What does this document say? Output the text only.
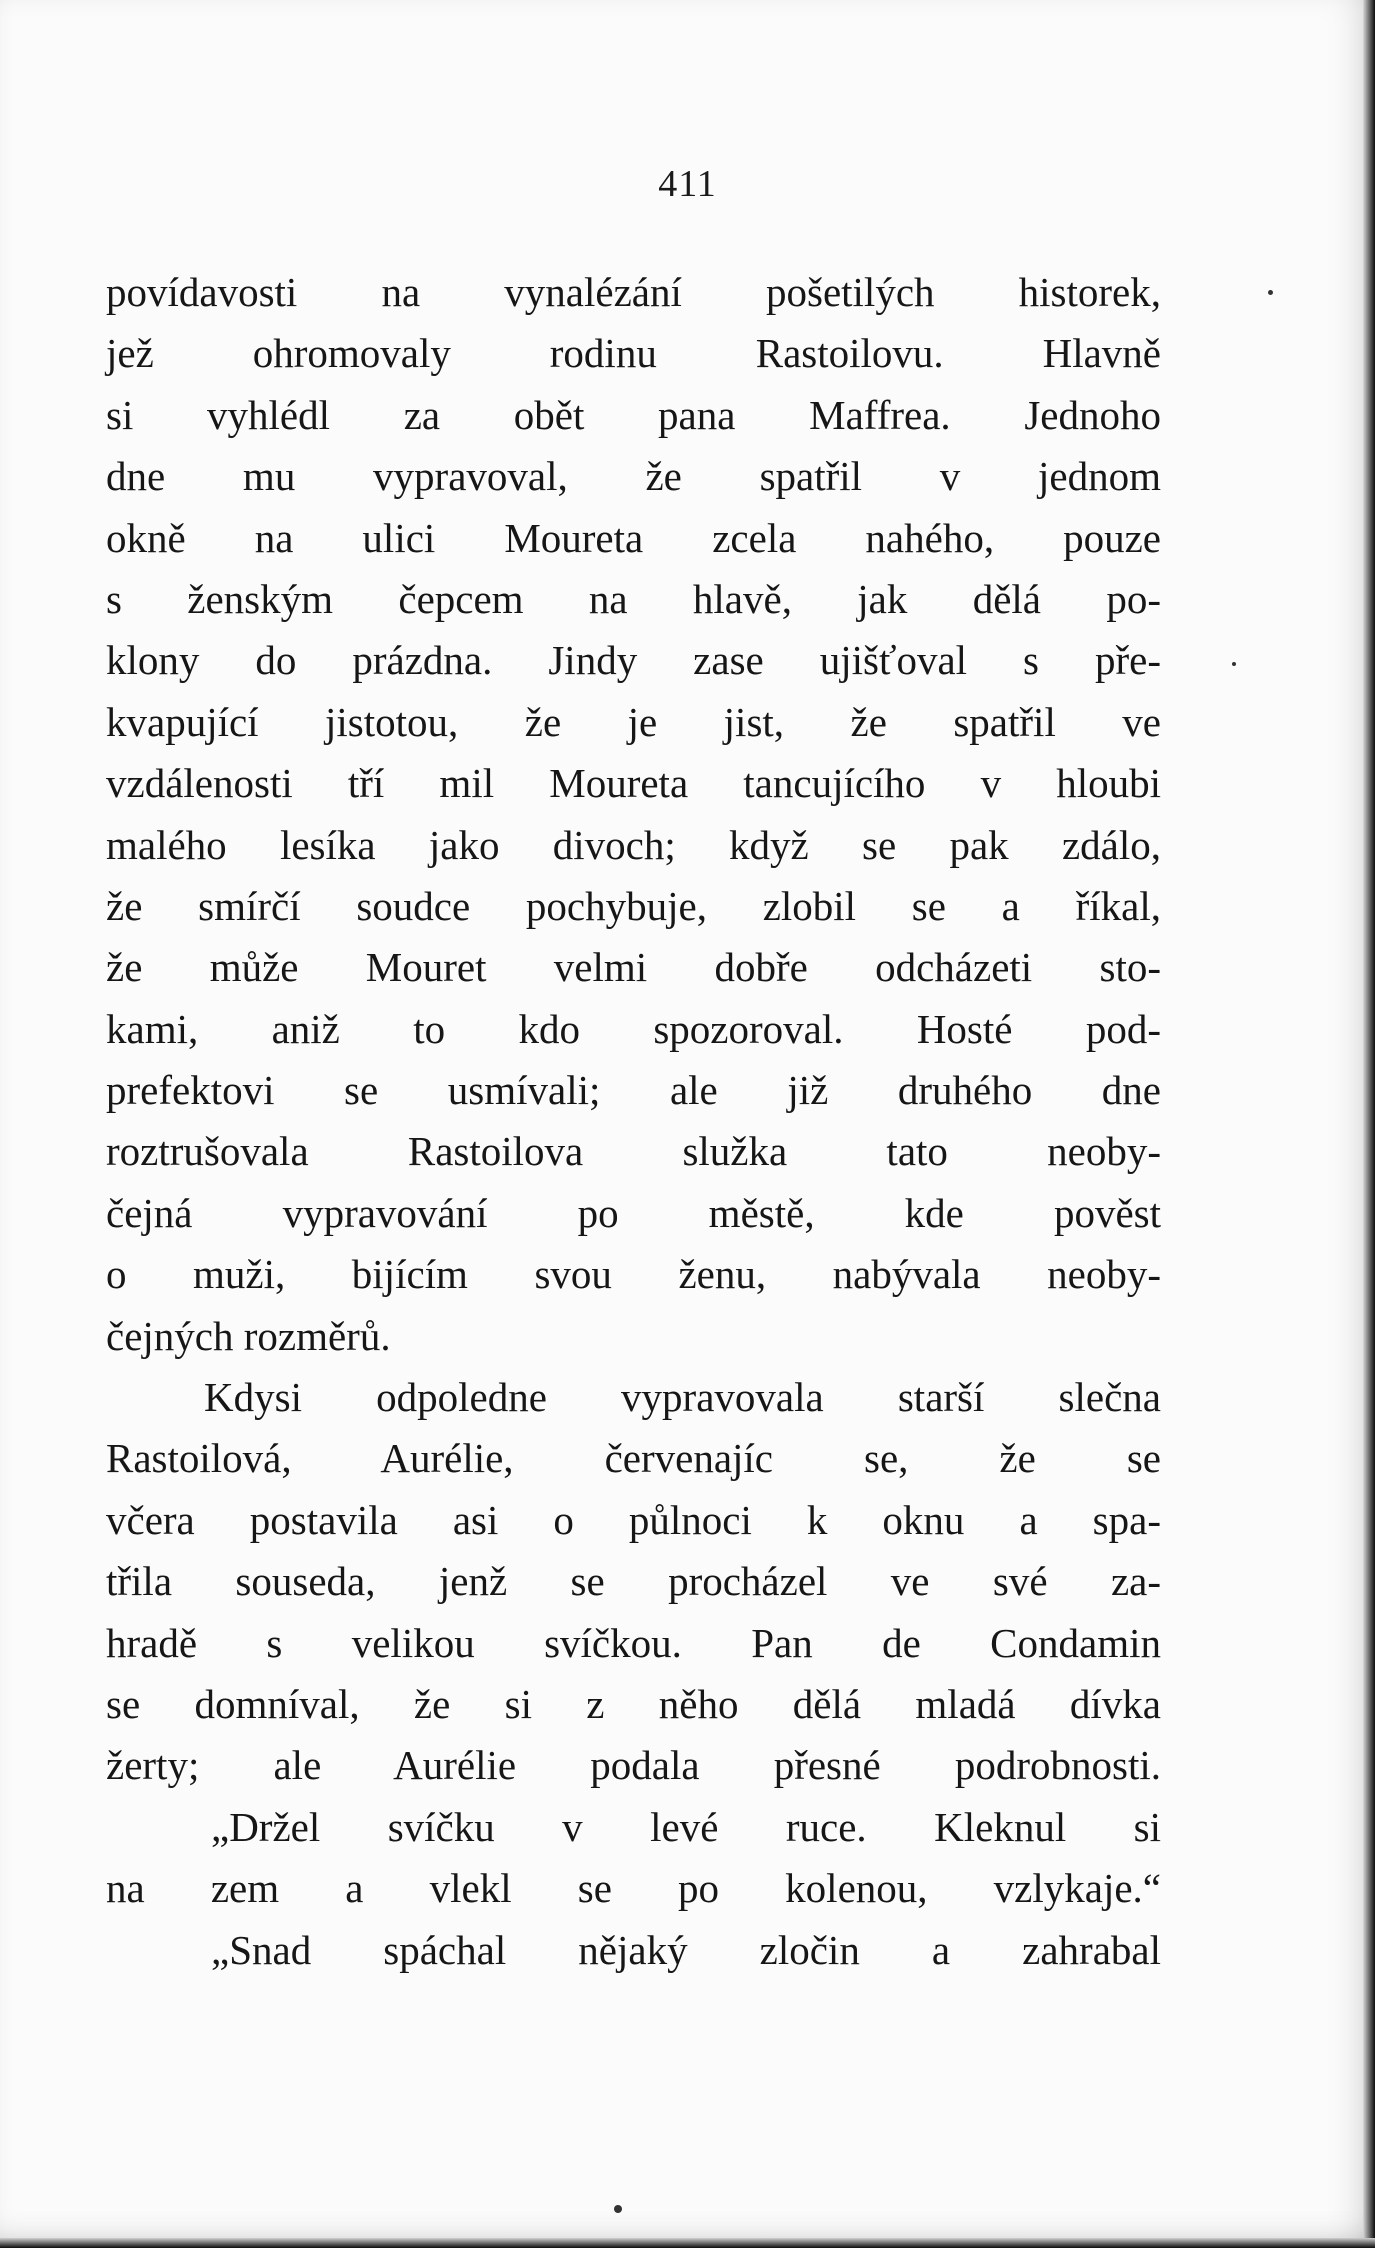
411
povídavosti na vynalézání pošetilých historek,
jež ohromovaly rodinu Rastoilovu. Hlavně
si vyhlédl za obět pana Maffrea. Jednoho
dne mu vypravoval, že spatřil v jednom
okně na ulici Moureta zcela nahého, pouze
s ženským čepcem na hlavě, jak dělá po-
klony do prázdna. Jindy zase ujišťoval s pře-
kvapující jistotou, že je jist, že spatřil ve
vzdálenosti tří mil Moureta tancujícího v hloubi
malého lesíka jako divoch; když se pak zdálo,
že smírčí soudce pochybuje, zlobil se a říkal,
že může Mouret velmi dobře odcházeti sto-
kami, aniž to kdo spozoroval. Hosté pod-
prefektovi se usmívali; ale již druhého dne
roztrušovala Rastoilova služka tato neoby-
čejná vypravování po městě, kde pověst
o muži, bijícím svou ženu, nabývala neoby-
čejných rozměrů.
Kdysi odpoledne vypravovala starší slečna
Rastoilová, Aurélie, červenajíc se, že se
včera postavila asi o půlnoci k oknu a spa-
třila souseda, jenž se procházel ve své za-
hradě s velikou svíčkou. Pan de Condamin
se domníval, že si z něho dělá mladá dívka
žerty; ale Aurélie podala přesné podrobnosti.
„Držel svíčku v levé ruce. Kleknul si
na zem a vlekl se po kolenou, vzlykaje.“
„Snad spáchal nějaký zločin a zahrabal
